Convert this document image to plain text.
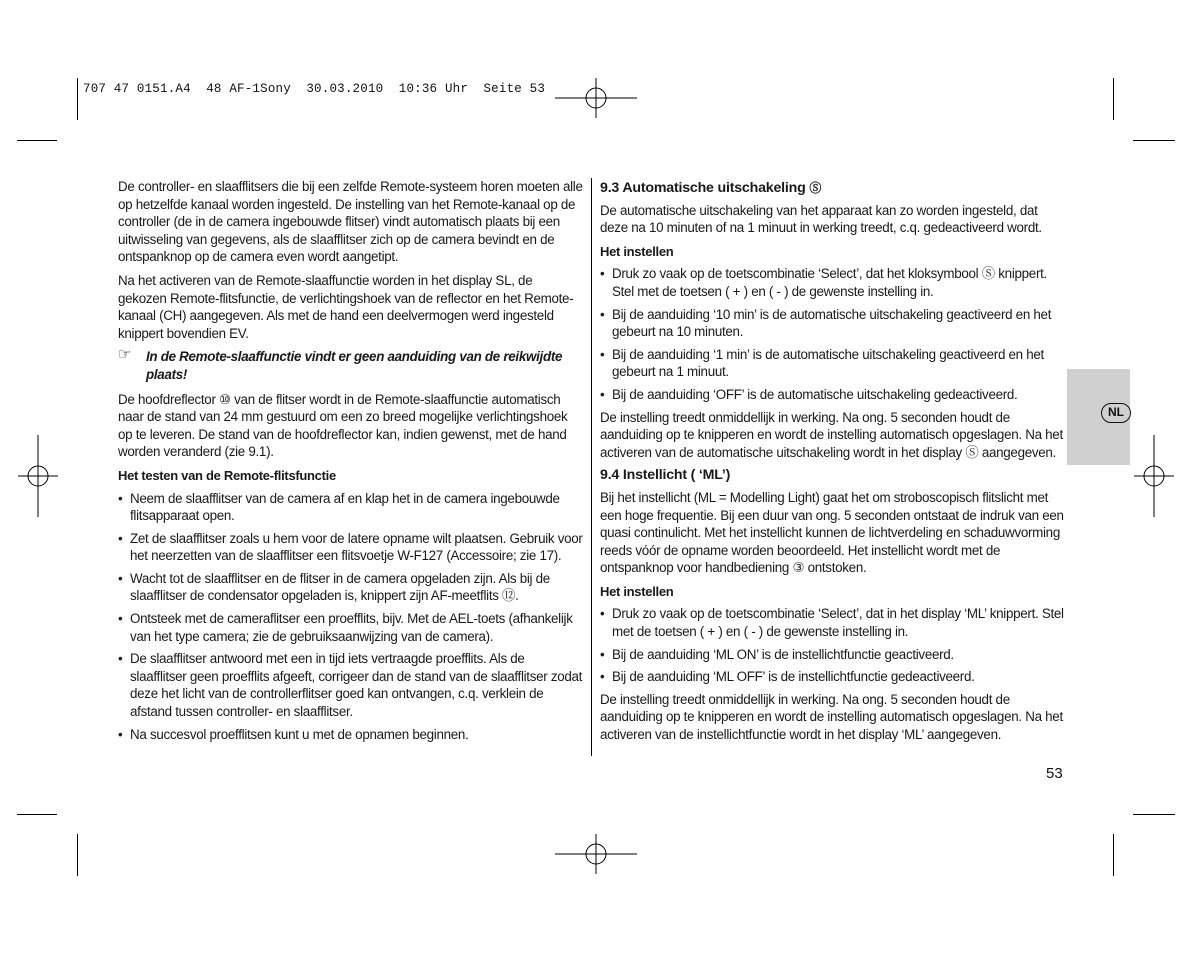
707 47 0151.A4  48 AF-1Sony  30.03.2010  10:36 Uhr  Seite 53

De controller- en slaafflitsers die bij een zelfde Remote-systeem horen moeten alle op hetzelfde kanaal worden ingesteld. De instelling van het Remote-kanaal op de controller (de in de camera ingebouwde flitser) vindt automatisch plaats bij een uitwisseling van gegevens, als de slaafflitser zich op de camera bevindt en de ontspanknop op de camera even wordt aangetipt.

Na het activeren van de Remote-slaaffunctie worden in het display SL, de gekozen Remote-flitsfunctie, de verlichtingshoek van de reflector en het Remote-kanaal (CH) aangegeven. Als met de hand een deelvermogen werd ingesteld knippert bovendien EV.

☞ In de Remote-slaaffunctie vindt er geen aanduiding van de reikwijdte plaats!

De hoofdreflector ⑩ van de flitser wordt in de Remote-slaaffunctie automatisch naar de stand van 24 mm gestuurd om een zo breed mogelijke verlichtingshoek op te leveren. De stand van de hoofdreflector kan, indien gewenst, met de hand worden veranderd (zie 9.1).

Het testen van de Remote-flitsfunctie
• Neem de slaafflitser van de camera af en klap het in de camera ingebouwde flitsapparaat open.
• Zet de slaafflitser zoals u hem voor de latere opname wilt plaatsen. Gebruik voor het neerzetten van de slaafflitser een flitsvoetje W-F127 (Accessoire; zie 17).
• Wacht tot de slaafflitser en de flitser in de camera opgeladen zijn. Als bij de slaafflitser de condensator opgeladen is, knippert zijn AF-meetflits ⑫.
• Ontsteek met de cameraflitser een proefflits, bijv. Met de AEL-toets (afhankelijk van het type camera; zie de gebruiksaanwijzing van de camera).
• De slaafflitser antwoord met een in tijd iets vertraagde proefflits. Als de slaafflitser geen proefflits afgeeft, corrigeer dan de stand van de slaafflitser zodat deze het licht van de controllerflitser goed kan ontvangen, c.q. verklein de afstand tussen controller- en slaafflitser.
• Na succesvol proefflitsen kunt u met de opnamen beginnen.
9.3 Automatische uitschakeling Ⓢ

De automatische uitschakeling van het apparaat kan zo worden ingesteld, dat deze na 10 minuten of na 1 minuut in werking treedt, c.q. gedeactiveerd wordt.

Het instellen
• Druk zo vaak op de toetscombinatie ‘Select’, dat het kloksymbool Ⓢ knippert. Stel met de toetsen ( + ) en ( - ) de gewenste instelling in.
• Bij de aanduiding ‘10 min’ is de automatische uitschakeling geactiveerd en het gebeurt na 10 minuten.
• Bij de aanduiding ‘1 min’ is de automatische uitschakeling geactiveerd en het gebeurt na 1 minuut.
• Bij de aanduiding ‘OFF’ is de automatische uitschakeling gedeactiveerd.

De instelling treedt onmiddellijk in werking. Na ong. 5 seconden houdt de aanduiding op te knipperen en wordt de instelling automatisch opgeslagen. Na het activeren van de automatische uitschakeling wordt in het display Ⓢ aangegeven.

9.4 Instellicht ( ‘ML’)

Bij het instellicht (ML = Modelling Light) gaat het om stroboscopisch flitslicht met een hoge frequentie. Bij een duur van ong. 5 seconden ontstaat de indruk van een quasi continulicht. Met het instellicht kunnen de lichtverdeling en schaduwvorming reeds vóór de opname worden beoordeeld. Het instellicht wordt met de ontspanknop voor handbediening ③ ontstoken.

Het instellen
• Druk zo vaak op de toetscombinatie ‘Select’, dat in het display ‘ML’ knippert. Stel met de toetsen ( + ) en ( - ) de gewenste instelling in.
• Bij de aanduiding ‘ML ON’ is de instellichtfunctie geactiveerd.
• Bij de aanduiding ‘ML OFF’ is de instellichtfunctie gedeactiveerd.

De instelling treedt onmiddellijk in werking. Na ong. 5 seconden houdt de aanduiding op te knipperen en wordt de instelling automatisch opgeslagen. Na het activeren van de instellichtfunctie wordt in het display ‘ML’ aangegeven.

NL
53
